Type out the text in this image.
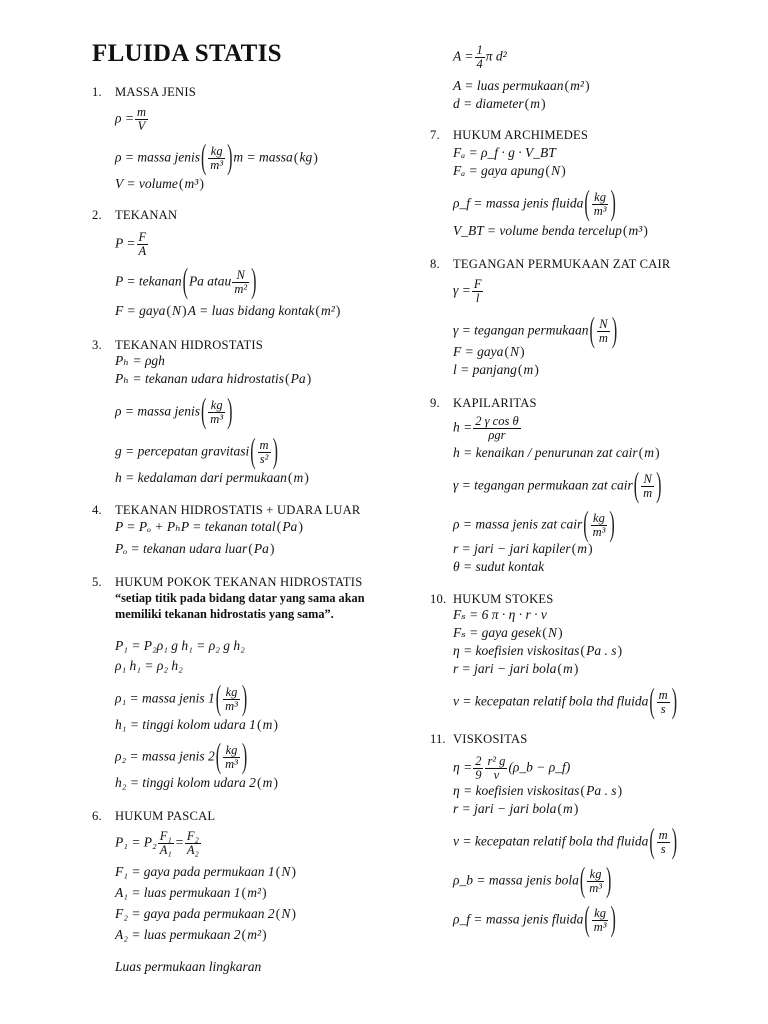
FLUIDA STATIS
1.	MASSA JENIS
$\rho = \frac{m}{V}$
ρ = massa jenis( $\frac{kg}{\text{m³}} )m$ = massa(kg)
V = volume(m³)
2.	TEKANAN
$P = \frac{F}{A}$
P = tekanan(Pa atau $\frac{N}{\text{m²}}$ )
F = gaya(N)A = luas bidang kontak(m²)
3.	TEKANAN HIDROSTATIS
Pₕ = ρgh
Pₕ = tekanan udara hidrostatis(Pa)
ρ = massa jenis( $\frac{kg}{\text{m³}}$ )
g = percepatan gravitasi( $\frac{m}{\text{s²}}$ )
h = kedalaman dari permukaan(m)
4.	TEKANAN HIDROSTATIS + UDARA LUAR
P = Pₒ + PₕP = tekanan total(Pa)
Pₒ = tekanan udara luar(Pa)
5.	HUKUM POKOK TEKANAN HIDROSTATIS
“setiap titik pada bidang datar yang sama akan memiliki tekanan hidrostatis yang sama”.
P₁ = P₂ρ₁ g h₁ = ρ₂ g h₂
ρ₁ h₁ = ρ₂ h₂
ρ₁ = massa jenis $1( \frac{kg}{\text{m³}}$ )
h₁ = tinggi kolom udara 1(m)
ρ₂ = massa jenis $2( \frac{kg}{\text{m³}}$ )
h₂ = tinggi kolom udara 2(m)
6.	HUKUM PASCAL
$P_1 = P_2 \frac{\text{F₁}}{\text{A₁}} = \frac{\text{F₂}}{\text{A₂}}$
F₁ = gaya pada permukaan 1(N)
A₁ = luas permukaan 1(m²)
F₂ = gaya pada permukaan 2(N)
A₂ = luas permukaan 2(m²)
Luas permukaan lingkaran
$A = \frac{1}{4}$ π d²
A = luas permukaan(m²)
d = diameter(m)
7.	HUKUM ARCHIMEDES
Fₐ = ρ_f · g · V_BT
Fₐ = gaya apung(N)
ρ_f = massa jenis fluida( $\frac{kg}{\text{m³}}$ )
V_BT = volume benda tercelup(m³)
8.	TEGANGAN PERMUKAAN ZAT CAIR
$\gamma = \frac{F}{l}$
γ = tegangan permukaan( $\frac{N}{m}$ )
F = gaya(N)
l = panjang(m)
9.	KAPILARITAS
$h = \frac{\text{2 γ cos θ}}{\text{ρgr}}$
h = kenaikan / penurunan zat cair(m)
γ = tegangan permukaan zat cair( $\frac{N}{m}$ )
ρ = massa jenis zat cair( $\frac{kg}{\text{m³}}$ )
r = jari − jari kapiler(m)
θ = sudut kontak
10. HUKUM STOKES
Fₛ = 6 π · η · r · v
Fₛ = gaya gesek(N)
η = koefisien viskositas(Pa . s)
r = jari − jari bola(m)
v = kecepatan relatif bola thd fluida( $\frac{m}{s}$ )
11. VISKOSITAS
$\eta = \frac{2}{9} \frac{\text{r² g}}{v}$ (ρ_b − ρ_f)
η = koefisien viskositas(Pa . s)
r = jari − jari bola(m)
v = kecepatan relatif bola thd fluida( $\frac{m}{s}$ )
ρ_b = massa jenis bola( $\frac{kg}{\text{m³}}$ )
ρ_f = massa jenis fluida( $\frac{kg}{\text{m³}}$ )
